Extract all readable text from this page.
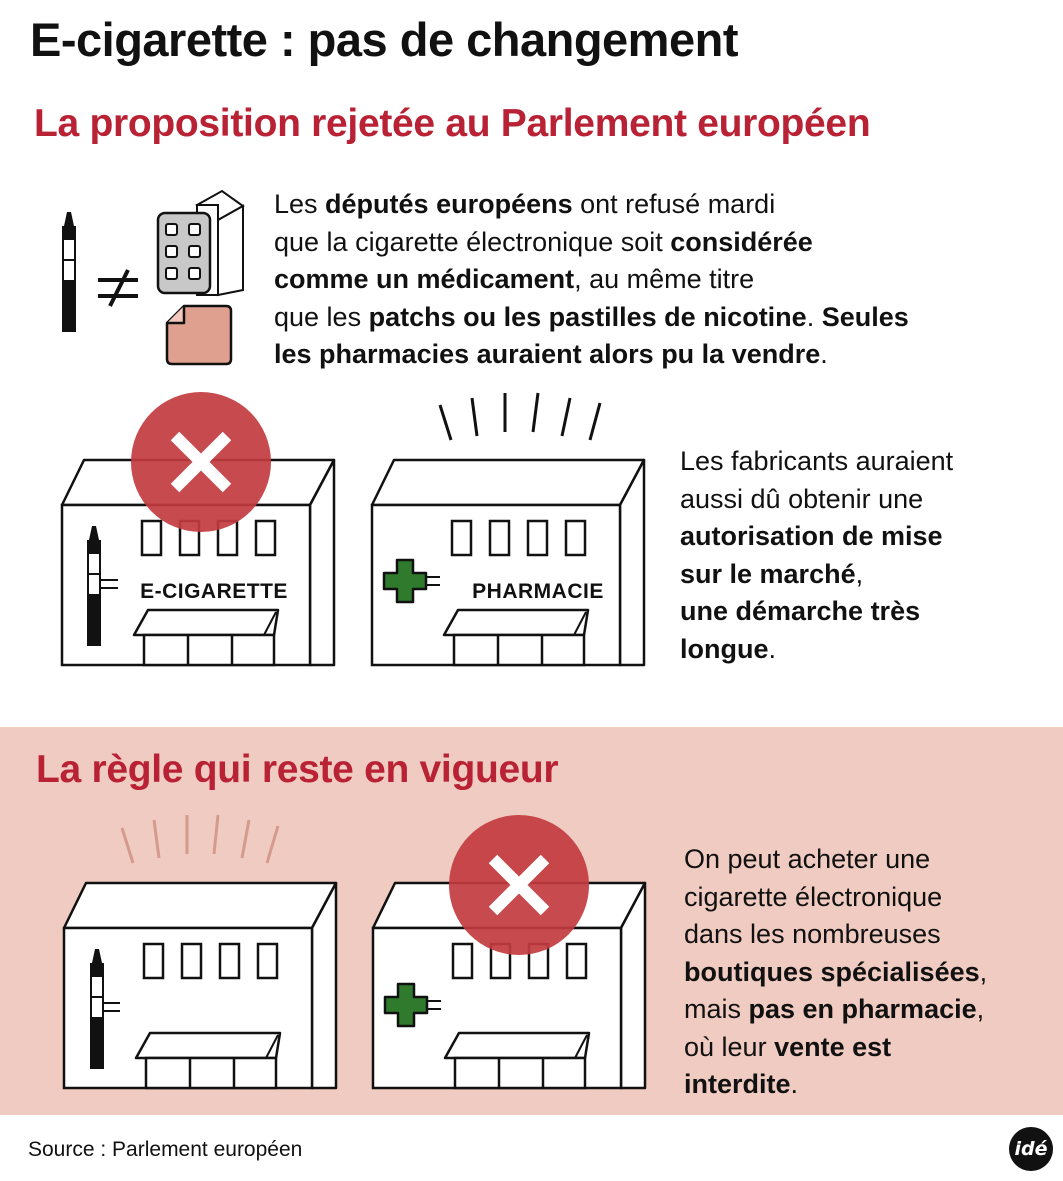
E-cigarette : pas de changement
La proposition rejetée au Parlement européen
La règle qui reste en vigueur
Les députés européens ont refusé mardi
que la cigarette électronique soit considérée
comme un médicament, au même titre
que les patchs ou les pastilles de nicotine. Seules
les pharmacies auraient alors pu la vendre.
Les fabricants auraient
aussi dû obtenir une
autorisation de mise
sur le marché,
une démarche très
longue.
On peut acheter une
cigarette électronique
dans les nombreuses
boutiques spécialisées,
mais pas en pharmacie,
où leur vente est
interdite.
E-CIGARETTE	PHARMACIE
Source : Parlement européen	idé
